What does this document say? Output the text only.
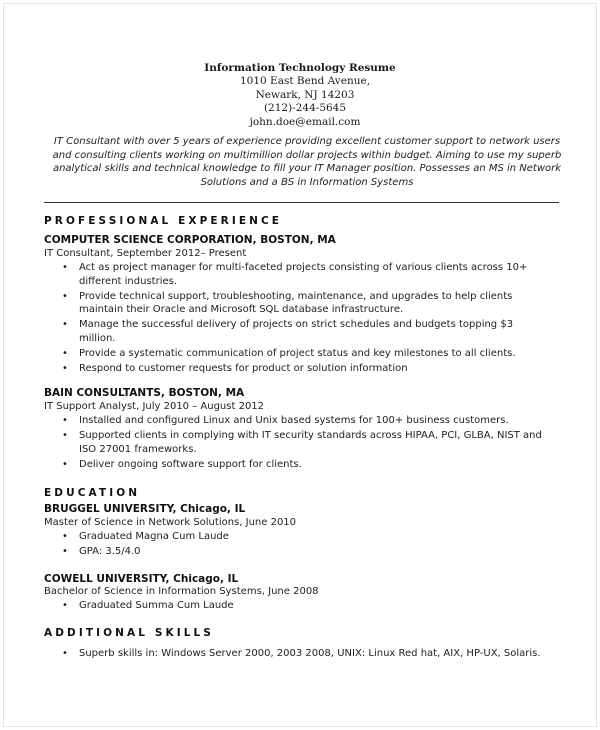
Information Technology Resume
1010 East Bend Avenue,
Newark, NJ 14203
(212)-244-5645
john.doe@email.com
IT Consultant with over 5 years of experience providing excellent customer support to network users and consulting clients working on multimillion dollar projects within budget. Aiming to use my superb analytical skills and technical knowledge to fill your IT Manager position. Possesses an MS in Network Solutions and a BS in Information Systems
PROFESSIONAL EXPERIENCE
COMPUTER SCIENCE CORPORATION, BOSTON, MA
IT Consultant, September 2012– Present
• Act as project manager for multi-faceted projects consisting of various clients across 10+ different industries.
• Provide technical support, troubleshooting, maintenance, and upgrades to help clients maintain their Oracle and Microsoft SQL database infrastructure.
• Manage the successful delivery of projects on strict schedules and budgets topping $3 million.
• Provide a systematic communication of project status and key milestones to all clients.
• Respond to customer requests for product or solution information
BAIN CONSULTANTS, BOSTON, MA
IT Support Analyst, July 2010 – August 2012
• Installed and configured Linux and Unix based systems for 100+ business customers.
• Supported clients in complying with IT security standards across HIPAA, PCI, GLBA, NIST and ISO 27001 frameworks.
• Deliver ongoing software support for clients.
EDUCATION
BRUGGEL UNIVERSITY, Chicago, IL
Master of Science in Network Solutions, June 2010
• Graduated Magna Cum Laude
• GPA: 3.5/4.0
COWELL UNIVERSITY, Chicago, IL
Bachelor of Science in Information Systems, June 2008
• Graduated Summa Cum Laude
ADDITIONAL SKILLS
• Superb skills in: Windows Server 2000, 2003 2008, UNIX: Linux Red hat, AIX, HP-UX, Solaris.
